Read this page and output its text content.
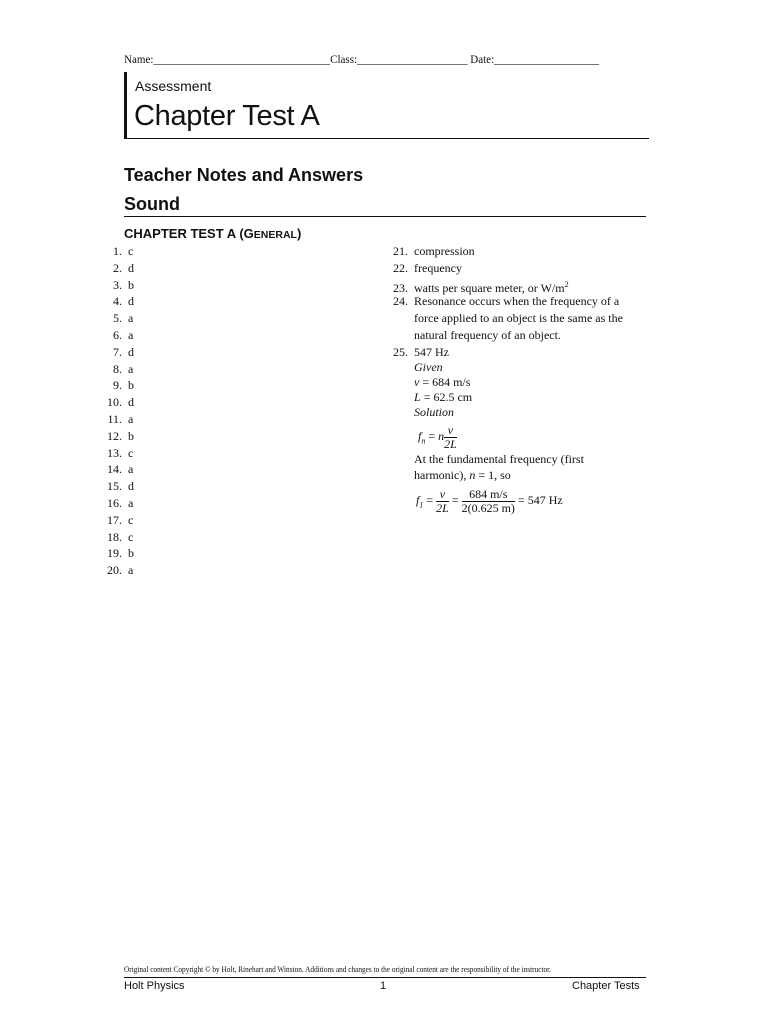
Name:________________________________Class:____________________ Date:___________________
Assessment
Chapter Test A
Teacher Notes and Answers
Sound
CHAPTER TEST A (GENERAL)
1. c
2. d
3. b
4. d
5. a
6. a
7. d
8. a
9. b
10. d
11. a
12. b
13. c
14. a
15. d
16. a
17. c
18. c
19. b
20. a
21. compression
22. frequency
23. watts per square meter, or $W/m^2$
24. Resonance occurs when the frequency of a
force applied to an object is the same as the
natural frequency of an object.
25. 547 Hz
Given
v = 684 m/s
L = 62.5 cm
Solution
$f_n = n \frac{v}{2L}$
At the fundamental frequency (first
harmonic), n = 1, so
$f_1 = \frac{v}{2L} = \frac{684 m/s}{2(0.625 m)} = 547$ Hz
Original content Copyright © by Holt, Rinehart and Winston. Additions and changes to the original content are the responsibility of the instructor.
Holt Physics	1	Chapter Tests
